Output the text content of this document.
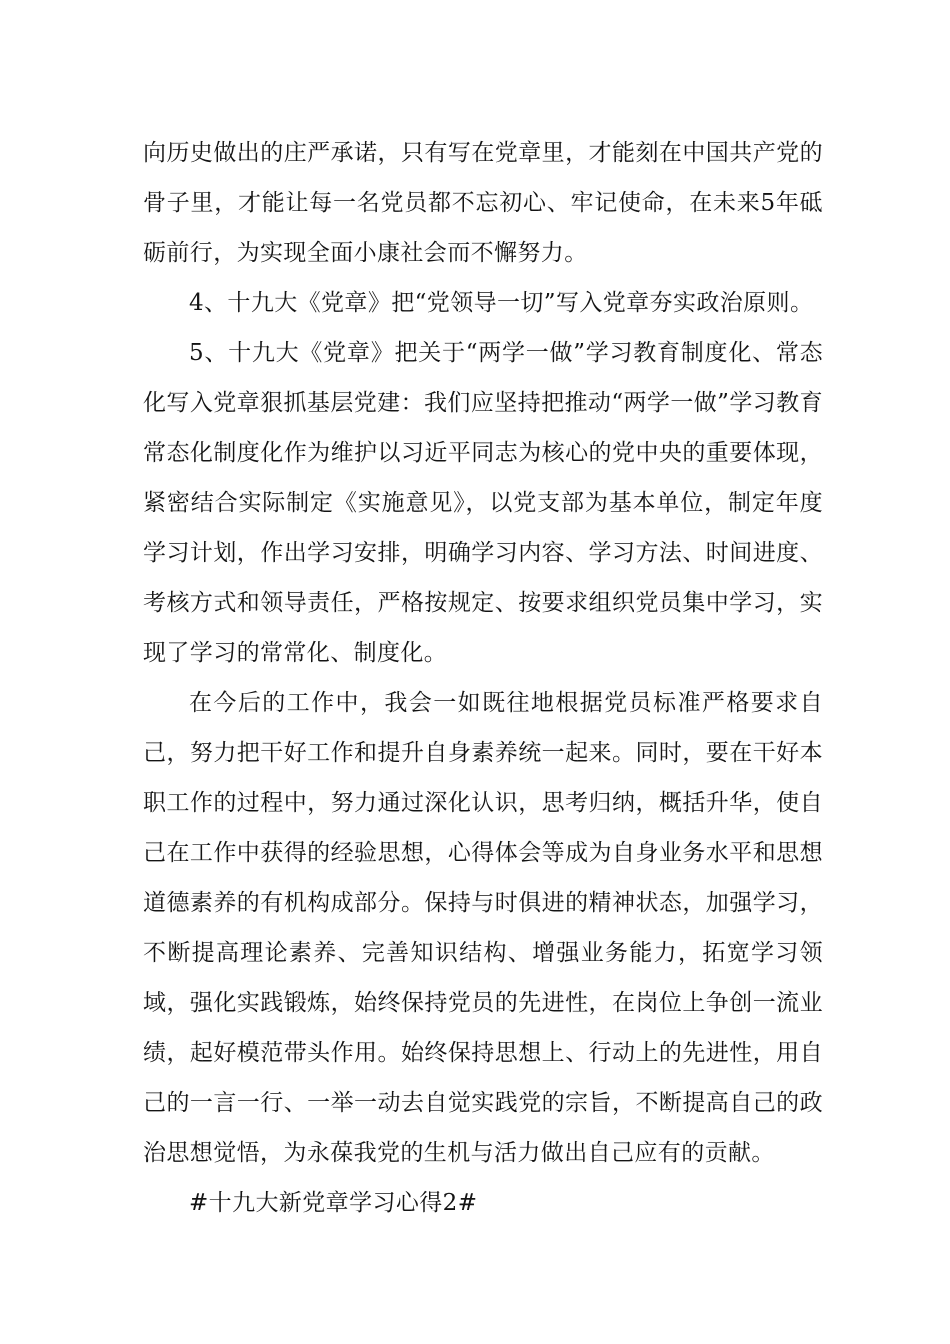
向历史做出的庄严承诺，只有写在党章里，才能刻在中国共产党的骨子里，才能让每一名党员都不忘初心、牢记使命，在未来5年砥砺前行，为实现全面小康社会而不懈努力。

4、十九大《党章》把“党领导一切”写入党章夯实政治原则。

5、十九大《党章》把关于“两学一做”学习教育制度化、常态化写入党章狠抓基层党建：我们应坚持把推动“两学一做”学习教育常态化制度化作为维护以习近平同志为核心的党中央的重要体现，紧密结合实际制定《实施意见》，以党支部为基本单位，制定年度学习计划，作出学习安排，明确学习内容、学习方法、时间进度、考核方式和领导责任，严格按规定、按要求组织党员集中学习，实现了学习的常常化、制度化。

在今后的工作中，我会一如既往地根据党员标准严格要求自己，努力把干好工作和提升自身素养统一起来。同时，要在干好本职工作的过程中，努力通过深化认识，思考归纳，概括升华，使自己在工作中获得的经验思想，心得体会等成为自身业务水平和思想道德素养的有机构成部分。保持与时俱进的精神状态，加强学习，不断提高理论素养、完善知识结构、增强业务能力，拓宽学习领域，强化实践锻炼，始终保持党员的先进性，在岗位上争创一流业绩，起好模范带头作用。始终保持思想上、行动上的先进性，用自己的一言一行、一举一动去自觉实践党的宗旨，不断提高自己的政治思想觉悟，为永葆我党的生机与活力做出自己应有的贡献。

#十九大新党章学习心得2#
